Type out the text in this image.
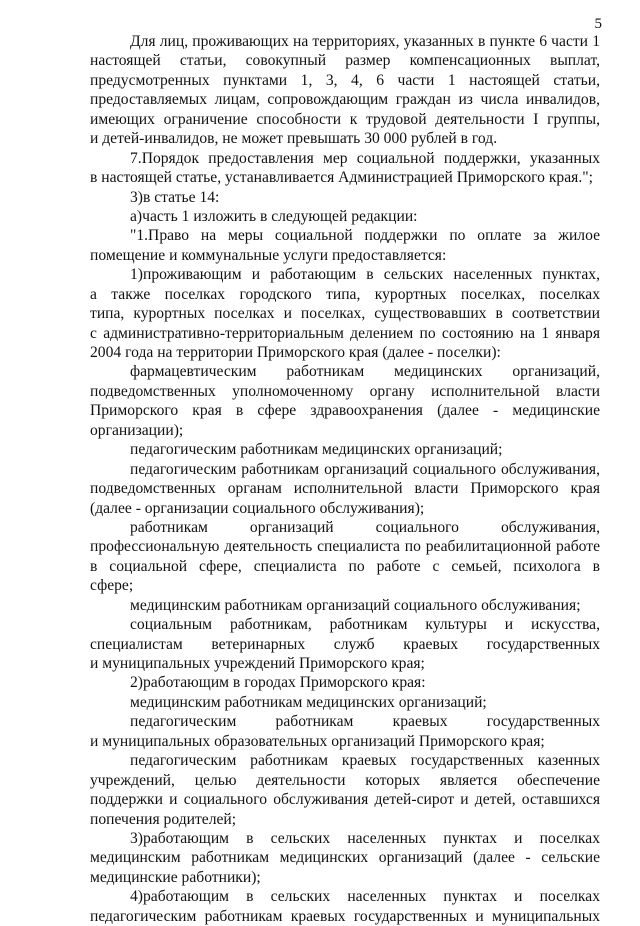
5
Для лиц, проживающих на территориях, указанных в пункте 6 части 1
настоящей статьи, совокупный размер компенсационных выплат,
предусмотренных пунктами 1, 3, 4, 6 части 1 настоящей статьи,
предоставляемых лицам, сопровождающим граждан из числа инвалидов,
имеющих ограничение способности к трудовой деятельности I группы,
и детей-инвалидов, не может превышать 30 000 рублей в год.
7.Порядок предоставления мер социальной поддержки, указанных
в настоящей статье, устанавливается Администрацией Приморского края.";
3)в статье 14:
а)часть 1 изложить в следующей редакции:
"1.Право на меры социальной поддержки по оплате за жилое
помещение и коммунальные услуги предоставляется:
1)проживающим и работающим в сельских населенных пунктах,
а также поселках городского типа, курортных поселках, поселках
типа, курортных поселках и поселках, существовавших в соответствии
с административно-территориальным делением по состоянию на 1 января
2004 года на территории Приморского края (далее - поселки):
фармацевтическим работникам медицинских организаций,
подведомственных уполномоченному органу исполнительной власти
Приморского края в сфере здравоохранения (далее - медицинские
организации);
педагогическим работникам медицинских организаций;
педагогическим работникам организаций социального обслуживания,
подведомственных органам исполнительной власти Приморского края
(далее - организации социального обслуживания);
работникам организаций социального обслуживания,
профессиональную деятельность специалиста по реабилитационной работе
в социальной сфере, специалиста по работе с семьей, психолога в
сфере;
медицинским работникам организаций социального обслуживания;
социальным работникам, работникам культуры и искусства,
специалистам ветеринарных служб краевых государственных
и муниципальных учреждений Приморского края;
2)работающим в городах Приморского края:
медицинским работникам медицинских организаций;
педагогическим работникам краевых государственных
и муниципальных образовательных организаций Приморского края;
педагогическим работникам краевых государственных казенных
учреждений, целью деятельности которых является обеспечение
поддержки и социального обслуживания детей-сирот и детей, оставшихся
попечения родителей;
3)работающим в сельских населенных пунктах и поселках
медицинским работникам медицинских организаций (далее - сельские
медицинские работники);
4)работающим в сельских населенных пунктах и поселках
педагогическим работникам краевых государственных и муниципальных
